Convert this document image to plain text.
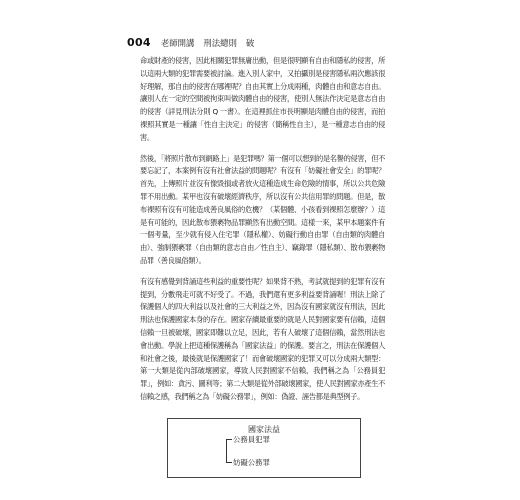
004 老師開講 刑法總則 破

命或財產的侵害，因此相關犯罪無庸出動，但是很明顯有自由和隱私的侵害，所以這兩大類的犯罪需要被討論。進入別人家中，又拍攝別是侵害隱私兩次應該很好理解，那自由的侵害在哪裡呢？自由其實上分成兩種，肉體自由和意志自由。讓別人在一定的空間被拘束叫做肉體自由的侵害，使別人無法作決定是意志自由的侵害（詳見刑法分則 Q 一書）。在這裡抓住市長明顯是肉體自由的侵害，而拍裸照其實是一種讓「性自主決定」的侵害（簡稱性自主），是一種意志自由的侵害。

然後，「將照片散布到網路上」是犯罪嗎？第一個可以想到的是名譽的侵害，但不要忘記了，本案例有沒有社會法益的問題呢？有沒有「妨礙社會安全」的罪呢？首先，上傳照片並沒有像毀損或者放火這種造成生命危險的情事，所以公共危險罪不用出動。某甲也沒有破壞經濟秩序，所以沒有公共信用罪的問題。但是，散布裸照有沒有可能造成善良風俗的危機？（某個體、小孩看到裸照怎麼辦？）這是有可能的，因此散布猥褻物品罪顯然有出動空間。這樣一來，某甲本題案件有一個考量，至少就有侵入住宅罪（隱私權）、妨礙行動自由罪（自由類的肉體自由）、強制猥褻罪（自由類的意志自由／性自主）、竊錄罪（隱私類）、散布猥褻物品罪（善良風俗類）。

有沒有感覺到背誦這些利益的重要性呢？如果背不熟，考試就提到的犯罪有沒有提到，分數飛走可就不好受了。不過，我們還有更多利益要背誦喔！刑法上除了保護個人的四大利益以及社會的三大利益之外，因為沒有國家就沒有刑法，因此刑法也保護國家本身的存在。國家存續最重要的就是人民對國家要有信賴，這個信賴一旦被破壞，國家即難以立足，因此，若有人破壞了這個信賴，當然刑法也會出動。學說上把這種保護稱為「國家法益」的保護。要言之，刑法在保護個人和社會之後，最後就是保護國家了！而會破壞國家的犯罪又可以分成兩大類型：第一大類是從內部破壞國家，導致人民對國家不信賴，我們稱之為「公務員犯罪」，例如：貪污、圖利等；第二大類是從外部破壞國家，使人民對國家亦產生不信賴之感，我們稱之為「妨礙公務罪」，例如：偽證、誣告都是典型例子。

國家法益
公務員犯罪
妨礙公務罪
